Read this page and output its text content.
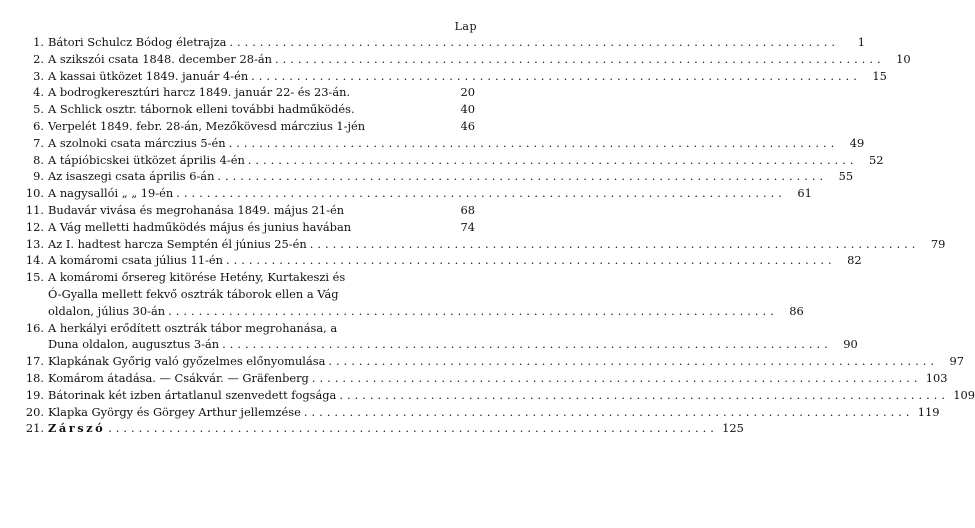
Lap
1. Bátori Schulcz Bódog életrajza ................................................................................	1
2. A szikszói csata 1848. december 28-án ................................................................................	10
3. A kassai ütközet 1849. január 4-én ................................................................................	15
4. A bodrogkeresztúri harcz 1849. január 22- és 23-án.	20
5. A Schlick osztr. tábornok elleni további hadműködés.	40
6. Verpelét 1849. febr. 28-án, Mezőkövesd márczius 1-jén	46
7. A szolnoki csata márczius 5-én ................................................................................	49
8. A tápióbicskei ütközet április 4-én ................................................................................	52
9. Az isaszegi csata április 6-án ................................................................................	55
10. A nagysallói „ „ 19-én ................................................................................	61
11. Budavár vivása és megrohanása 1849. május 21-én	68
12. A Vág melletti hadműködés május és junius havában	74
13. Az I. hadtest harcza Semptén él június 25-én ................................................................................	79
14. A komáromi csata július 11-én ................................................................................	82
15. A komáromi őrsereg kitörése Hetény, Kurtakeszi és
Ó-Gyalla mellett fekvő osztrák táborok ellen a Vág
oldalon, július 30-án ................................................................................	86
16. A herkályi erődített osztrák tábor megrohanása, a
Duna oldalon, augusztus 3-án ................................................................................	90
17. Klapkának Győrig való győzelmes előnyomulása ................................................................................	97
18. Komárom átadása. — Csákvár. — Gräfenberg ................................................................................ 103
19. Bátorinak két izben ártatlanul szenvedett fogsága ................................................................................ 109
20. Klapka György és Görgey Arthur jellemzése ................................................................................ 119
21. Zárszó ................................................................................ 125
